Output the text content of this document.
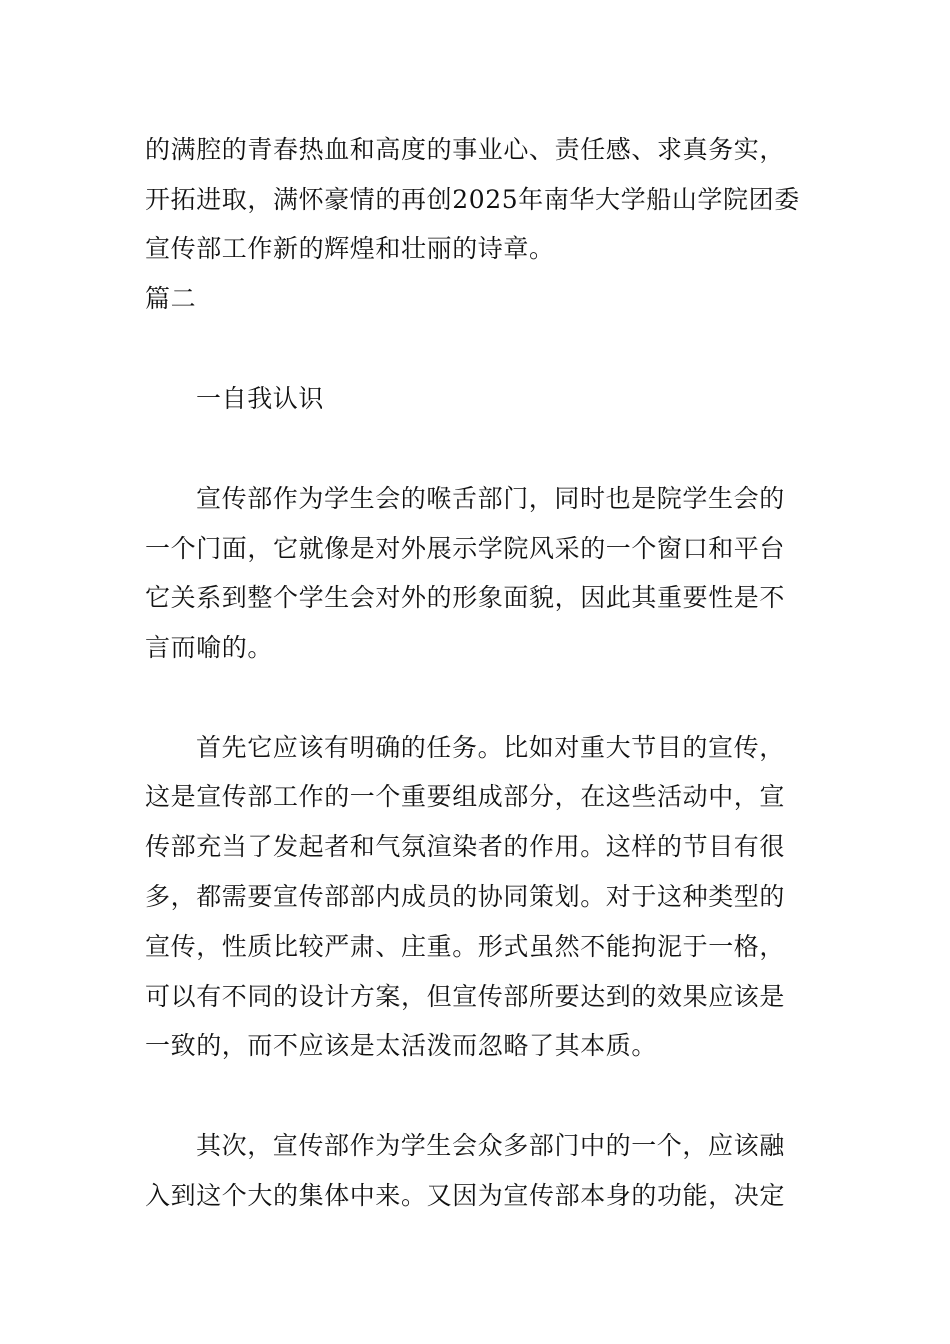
的满腔的青春热血和高度的事业心、责任感、求真务实，
开拓进取，满怀豪情的再创2025年南华大学船山学院团委
宣传部工作新的辉煌和壮丽的诗章。
篇二
一自我认识
宣传部作为学生会的喉舌部门，同时也是院学生会的
一个门面，它就像是对外展示学院风采的一个窗口和平台
它关系到整个学生会对外的形象面貌，因此其重要性是不
言而喻的。
首先它应该有明确的任务。比如对重大节目的宣传，
这是宣传部工作的一个重要组成部分，在这些活动中，宣
传部充当了发起者和气氛渲染者的作用。这样的节目有很
多，都需要宣传部部内成员的协同策划。对于这种类型的
宣传，性质比较严肃、庄重。形式虽然不能拘泥于一格，
可以有不同的设计方案，但宣传部所要达到的效果应该是
一致的，而不应该是太活泼而忽略了其本质。
其次，宣传部作为学生会众多部门中的一个，应该融
入到这个大的集体中来。又因为宣传部本身的功能，决定
